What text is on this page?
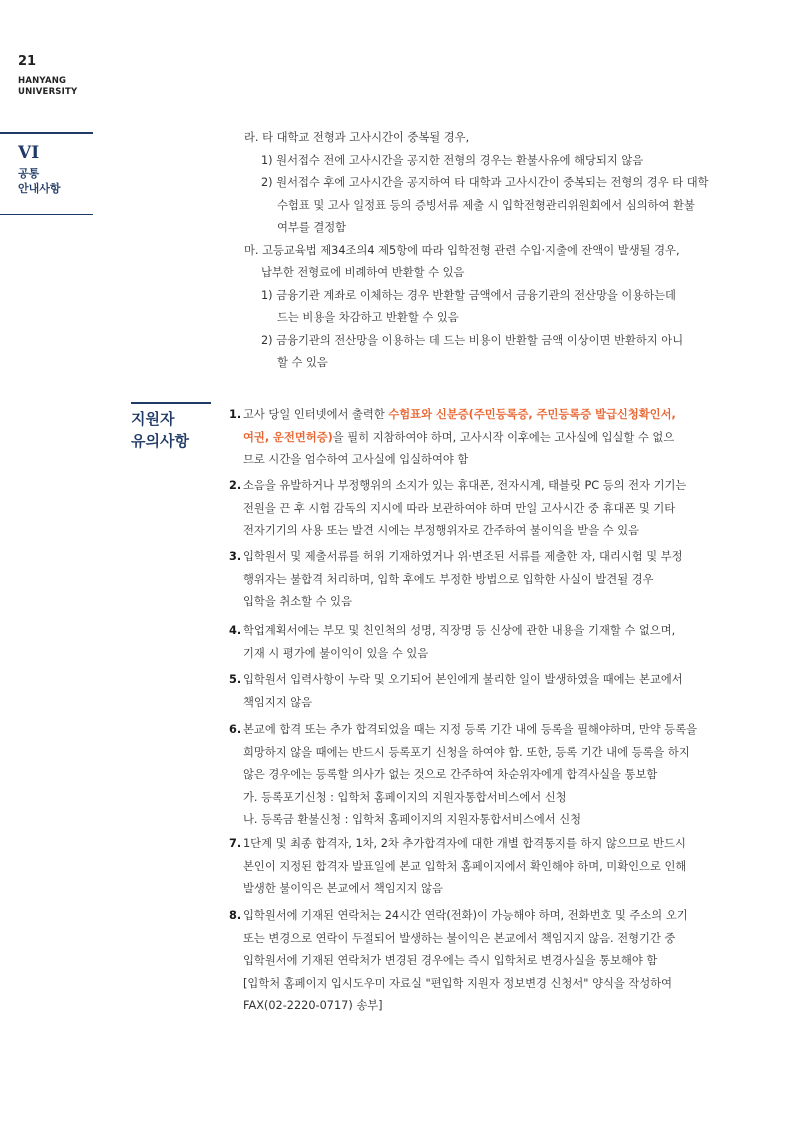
21
HANYANG
UNIVERSITY
VI
공통
안내사항
라. 타 대학교 전형과 고사시간이 중복될 경우,
1) 원서접수 전에 고사시간을 공지한 전형의 경우는 환불사유에 해당되지 않음
2) 원서접수 후에 고사시간을 공지하여 타 대학과 고사시간이 중복되는 전형의 경우 타 대학
수험표 및 고사 일정표 등의 증빙서류 제출 시 입학전형관리위원회에서 심의하여 환불
여부를 결정함
마. 고등교육법 제34조의4 제5항에 따라 입학전형 관련 수입·지출에 잔액이 발생될 경우,
납부한 전형료에 비례하여 반환할 수 있음
1) 금융기관 계좌로 이체하는 경우 반환할 금액에서 금융기관의 전산망을 이용하는데
드는 비용을 차감하고 반환할 수 있음
2) 금융기관의 전산망을 이용하는 데 드는 비용이 반환할 금액 이상이면 반환하지 아니
할 수 있음
지원자
유의사항
1. 고사 당일 인터넷에서 출력한 수험표와 신분증(주민등록증, 주민등록증 발급신청확인서,
여권, 운전면허증)을 필히 지참하여야 하며, 고사시작 이후에는 고사실에 입실할 수 없으
므로 시간을 엄수하여 고사실에 입실하여야 함
2. 소음을 유발하거나 부정행위의 소지가 있는 휴대폰, 전자시계, 태블릿 PC 등의 전자 기기는
전원을 끈 후 시험 감독의 지시에 따라 보관하여야 하며 만일 고사시간 중 휴대폰 및 기타
전자기기의 사용 또는 발견 시에는 부정행위자로 간주하여 불이익을 받을 수 있음
3. 입학원서 및 제출서류를 허위 기재하였거나 위·변조된 서류를 제출한 자, 대리시험 및 부정
행위자는 불합격 처리하며, 입학 후에도 부정한 방법으로 입학한 사실이 발견될 경우
입학을 취소할 수 있음
4. 학업계획서에는 부모 및 친인척의 성명, 직장명 등 신상에 관한 내용을 기재할 수 없으며,
기재 시 평가에 불이익이 있을 수 있음
5. 입학원서 입력사항이 누락 및 오기되어 본인에게 불리한 일이 발생하였을 때에는 본교에서
책임지지 않음
6. 본교에 합격 또는 추가 합격되었을 때는 지정 등록 기간 내에 등록을 필해야하며, 만약 등록을
희망하지 않을 때에는 반드시 등록포기 신청을 하여야 함. 또한, 등록 기간 내에 등록을 하지
않은 경우에는 등록할 의사가 없는 것으로 간주하여 차순위자에게 합격사실을 통보함
가. 등록포기신청 : 입학처 홈페이지의 지원자통합서비스에서 신청
나. 등록금 환불신청 : 입학처 홈페이지의 지원자통합서비스에서 신청
7. 1단계 및 최종 합격자, 1차, 2차 추가합격자에 대한 개별 합격통지를 하지 않으므로 반드시
본인이 지정된 합격자 발표일에 본교 입학처 홈페이지에서 확인해야 하며, 미확인으로 인해
발생한 불이익은 본교에서 책임지지 않음
8. 입학원서에 기재된 연락처는 24시간 연락(전화)이 가능해야 하며, 전화번호 및 주소의 오기
또는 변경으로 연락이 두절되어 발생하는 불이익은 본교에서 책임지지 않음. 전형기간 중
입학원서에 기재된 연락처가 변경된 경우에는 즉시 입학처로 변경사실을 통보해야 함
[입학처 홈페이지 입시도우미 자료실 "편입학 지원자 정보변경 신청서" 양식을 작성하여
FAX(02-2220-0717) 송부]
